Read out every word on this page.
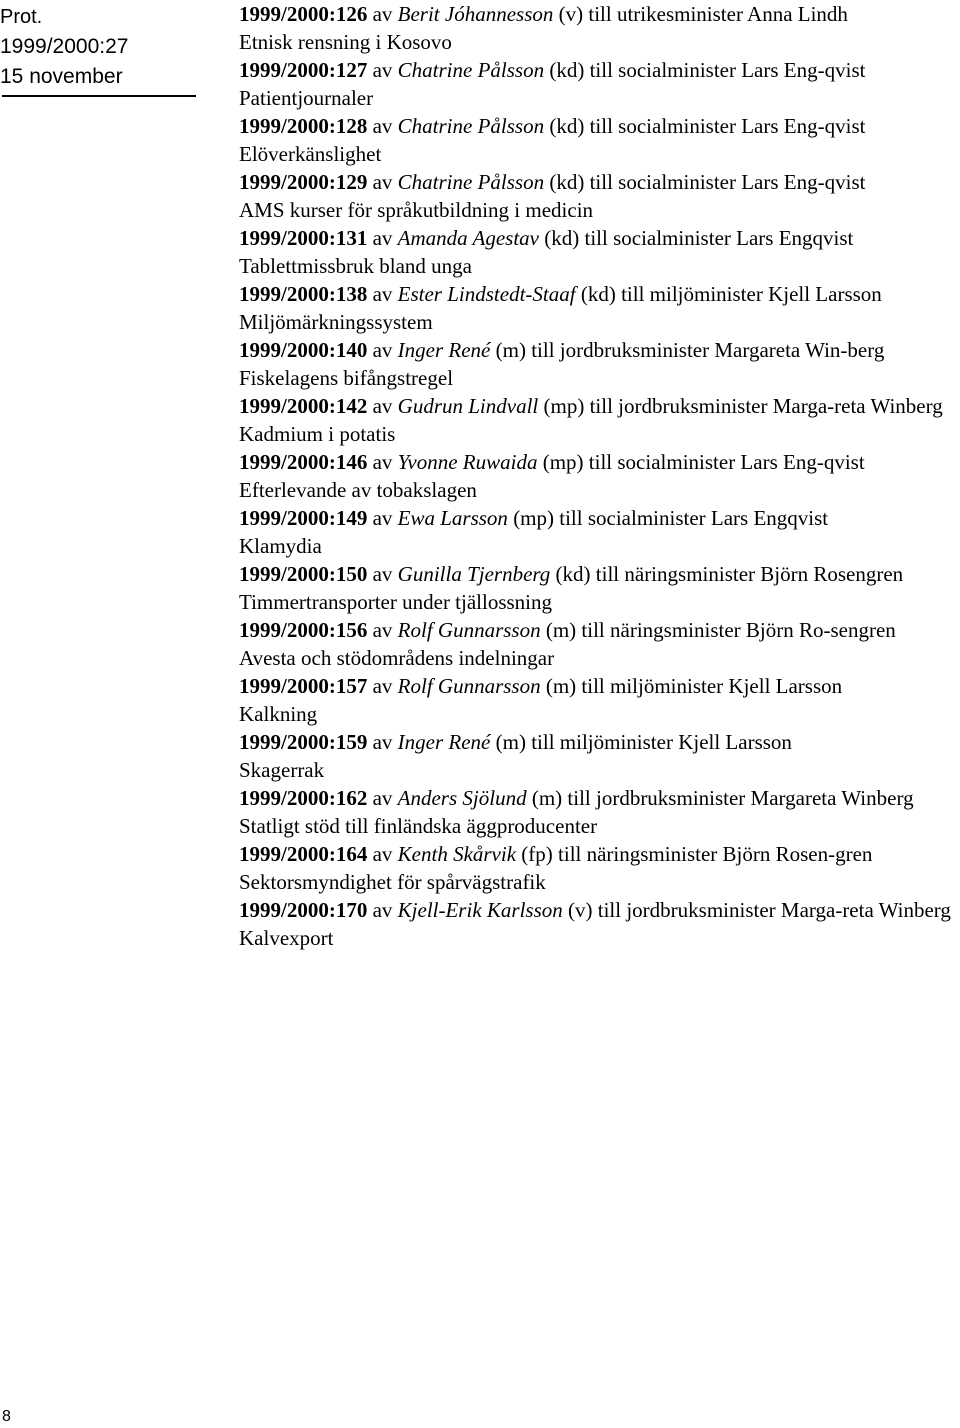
Prot.
1999/2000:27
15 november

1999/2000:126 av Berit Jóhannesson (v) till utrikesminister Anna Lindh

Etnisk rensning i Kosovo

1999/2000:127 av Chatrine Pålsson (kd) till socialminister Lars Eng-qvist

Patientjournaler

1999/2000:128 av Chatrine Pålsson (kd) till socialminister Lars Eng-qvist

Elöverkänslighet

1999/2000:129 av Chatrine Pålsson (kd) till socialminister Lars Eng-qvist

AMS kurser för språkutbildning i medicin

1999/2000:131 av Amanda Agestav (kd) till socialminister Lars Engqvist

Tablettmissbruk bland unga

1999/2000:138 av Ester Lindstedt-Staaf (kd) till miljöminister Kjell Larsson

Miljömärkningssystem

1999/2000:140 av Inger René (m) till jordbruksminister Margareta Win-berg

Fiskelagens bifångstregel

1999/2000:142 av Gudrun Lindvall (mp) till jordbruksminister Marga-reta Winberg

Kadmium i potatis

1999/2000:146 av Yvonne Ruwaida (mp) till socialminister Lars Eng-qvist

Efterlevande av tobakslagen

1999/2000:149 av Ewa Larsson (mp) till socialminister Lars Engqvist

Klamydia

1999/2000:150 av Gunilla Tjernberg (kd) till näringsminister Björn Rosengren

Timmertransporter under tjällossning

1999/2000:156 av Rolf Gunnarsson (m) till näringsminister Björn Ro-sengren

Avesta och stödområdens indelningar

1999/2000:157 av Rolf Gunnarsson (m) till miljöminister Kjell Larsson

Kalkning

1999/2000:159 av Inger René (m) till miljöminister Kjell Larsson

Skagerrak

1999/2000:162 av Anders Sjölund (m) till jordbruksminister Margareta Winberg

Statligt stöd till finländska äggproducenter

1999/2000:164 av Kenth Skårvik (fp) till näringsminister Björn Rosen-gren

Sektorsmyndighet för spårvägstrafik

1999/2000:170 av Kjell-Erik Karlsson (v) till jordbruksminister Marga-reta Winberg

Kalvexport

8
